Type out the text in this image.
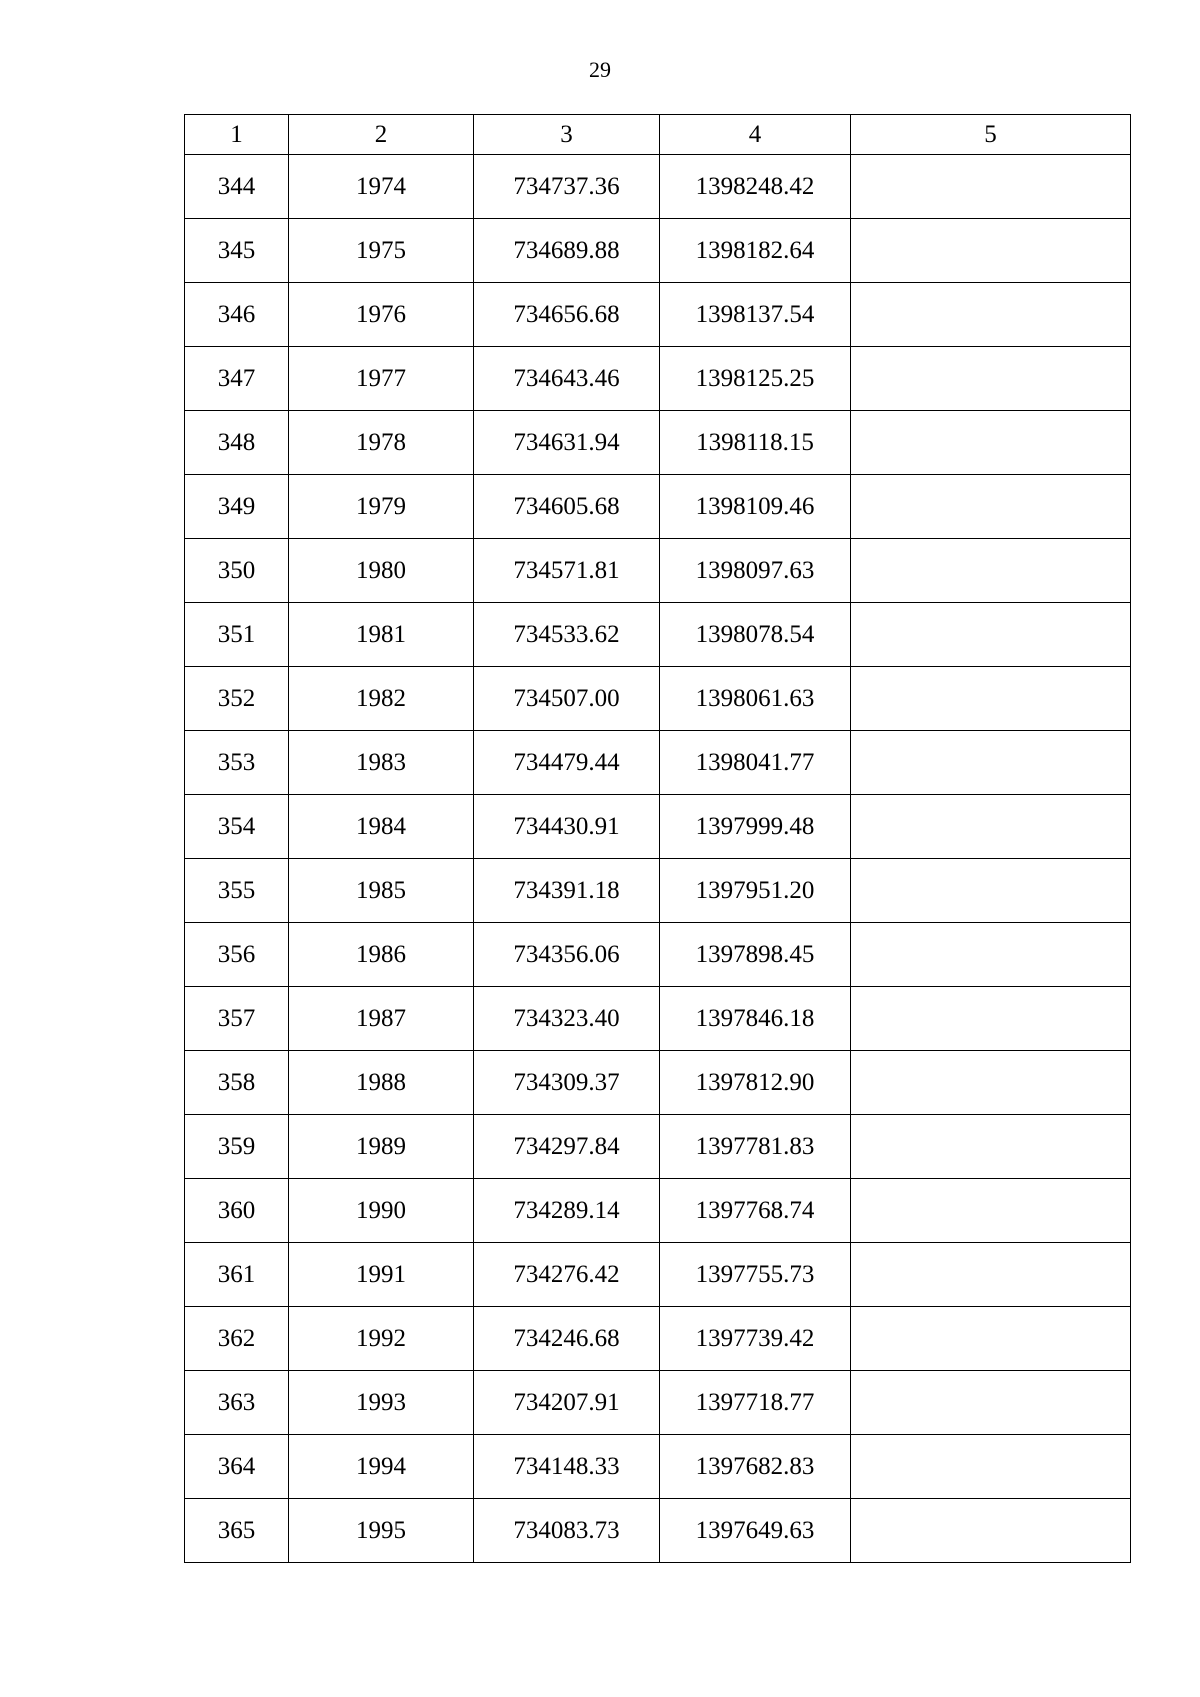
29
1	2	3	4	5
344	1974	734737.36	1398248.42	
345	1975	734689.88	1398182.64	
346	1976	734656.68	1398137.54	
347	1977	734643.46	1398125.25	
348	1978	734631.94	1398118.15	
349	1979	734605.68	1398109.46	
350	1980	734571.81	1398097.63	
351	1981	734533.62	1398078.54	
352	1982	734507.00	1398061.63	
353	1983	734479.44	1398041.77	
354	1984	734430.91	1397999.48	
355	1985	734391.18	1397951.20	
356	1986	734356.06	1397898.45	
357	1987	734323.40	1397846.18	
358	1988	734309.37	1397812.90	
359	1989	734297.84	1397781.83	
360	1990	734289.14	1397768.74	
361	1991	734276.42	1397755.73	
362	1992	734246.68	1397739.42	
363	1993	734207.91	1397718.77	
364	1994	734148.33	1397682.83	
365	1995	734083.73	1397649.63	
